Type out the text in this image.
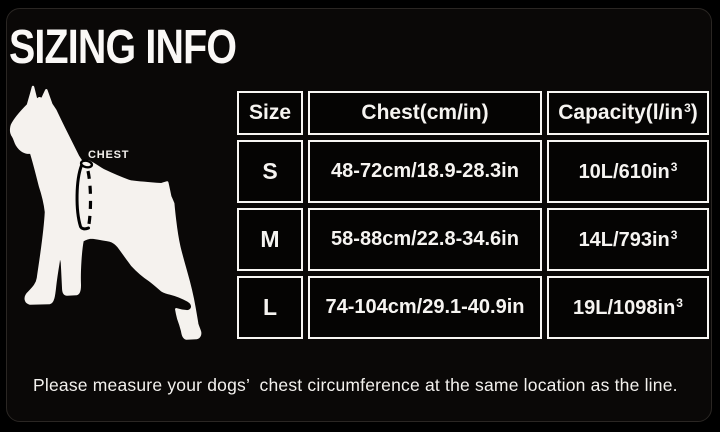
SIZING INFO
CHEST
Size	Chest(cm/in)	$Capacity(l/in^3)$
S	48-72cm/18.9-28.3in	$10L/610in^3$
M	58-88cm/22.8-34.6in	$14L/793in^3$
L	74-104cm/29.1-40.9in	$19L/1098in^3$

Please measure your dogs’  chest circumference at the same location as the line.
